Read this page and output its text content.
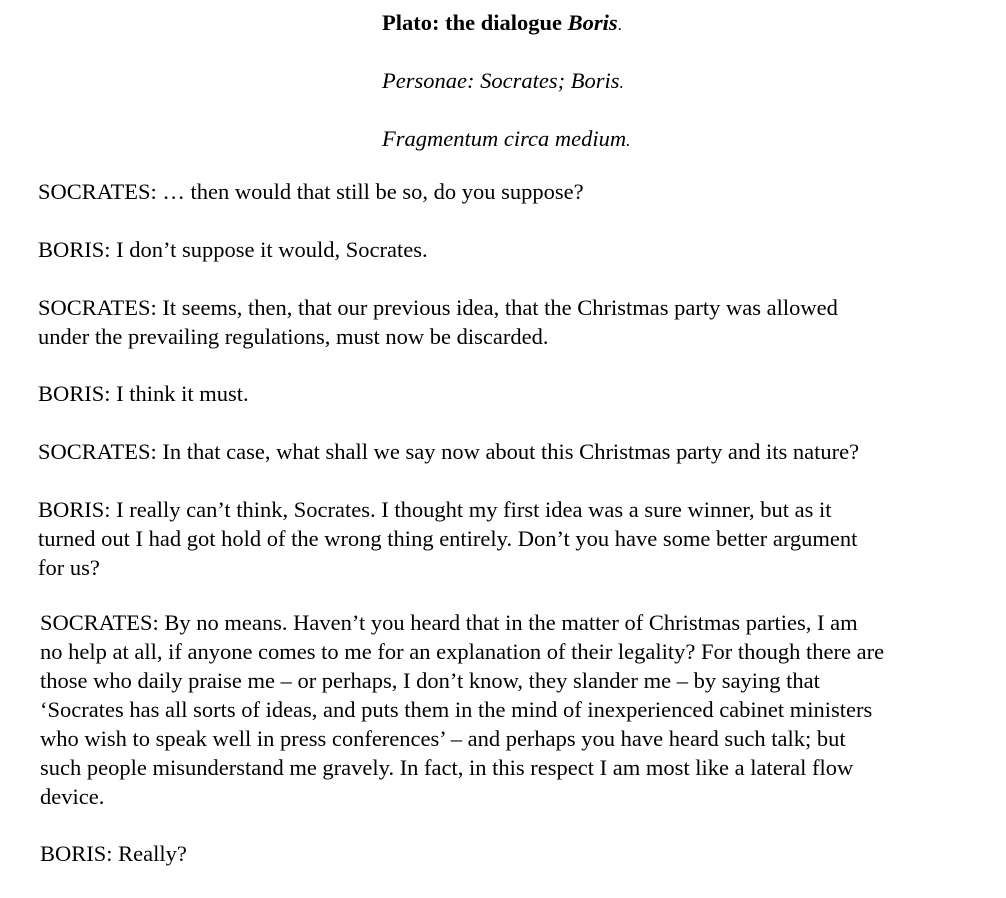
Plato: the dialogue Boris.
Personae: Socrates; Boris.
Fragmentum circa medium.

SOCRATES: … then would that still be so, do you suppose?

BORIS: I don’t suppose it would, Socrates.

SOCRATES: It seems, then, that our previous idea, that the Christmas party was allowed
under the prevailing regulations, must now be discarded.

BORIS: I think it must.

SOCRATES: In that case, what shall we say now about this Christmas party and its nature?

BORIS: I really can’t think, Socrates. I thought my first idea was a sure winner, but as it
turned out I had got hold of the wrong thing entirely. Don’t you have some better argument
for us?

SOCRATES: By no means. Haven’t you heard that in the matter of Christmas parties, I am
no help at all, if anyone comes to me for an explanation of their legality? For though there are
those who daily praise me – or perhaps, I don’t know, they slander me – by saying that
‘Socrates has all sorts of ideas, and puts them in the mind of inexperienced cabinet ministers
who wish to speak well in press conferences’ – and perhaps you have heard such talk; but
such people misunderstand me gravely. In fact, in this respect I am most like a lateral flow
device.

BORIS: Really?
